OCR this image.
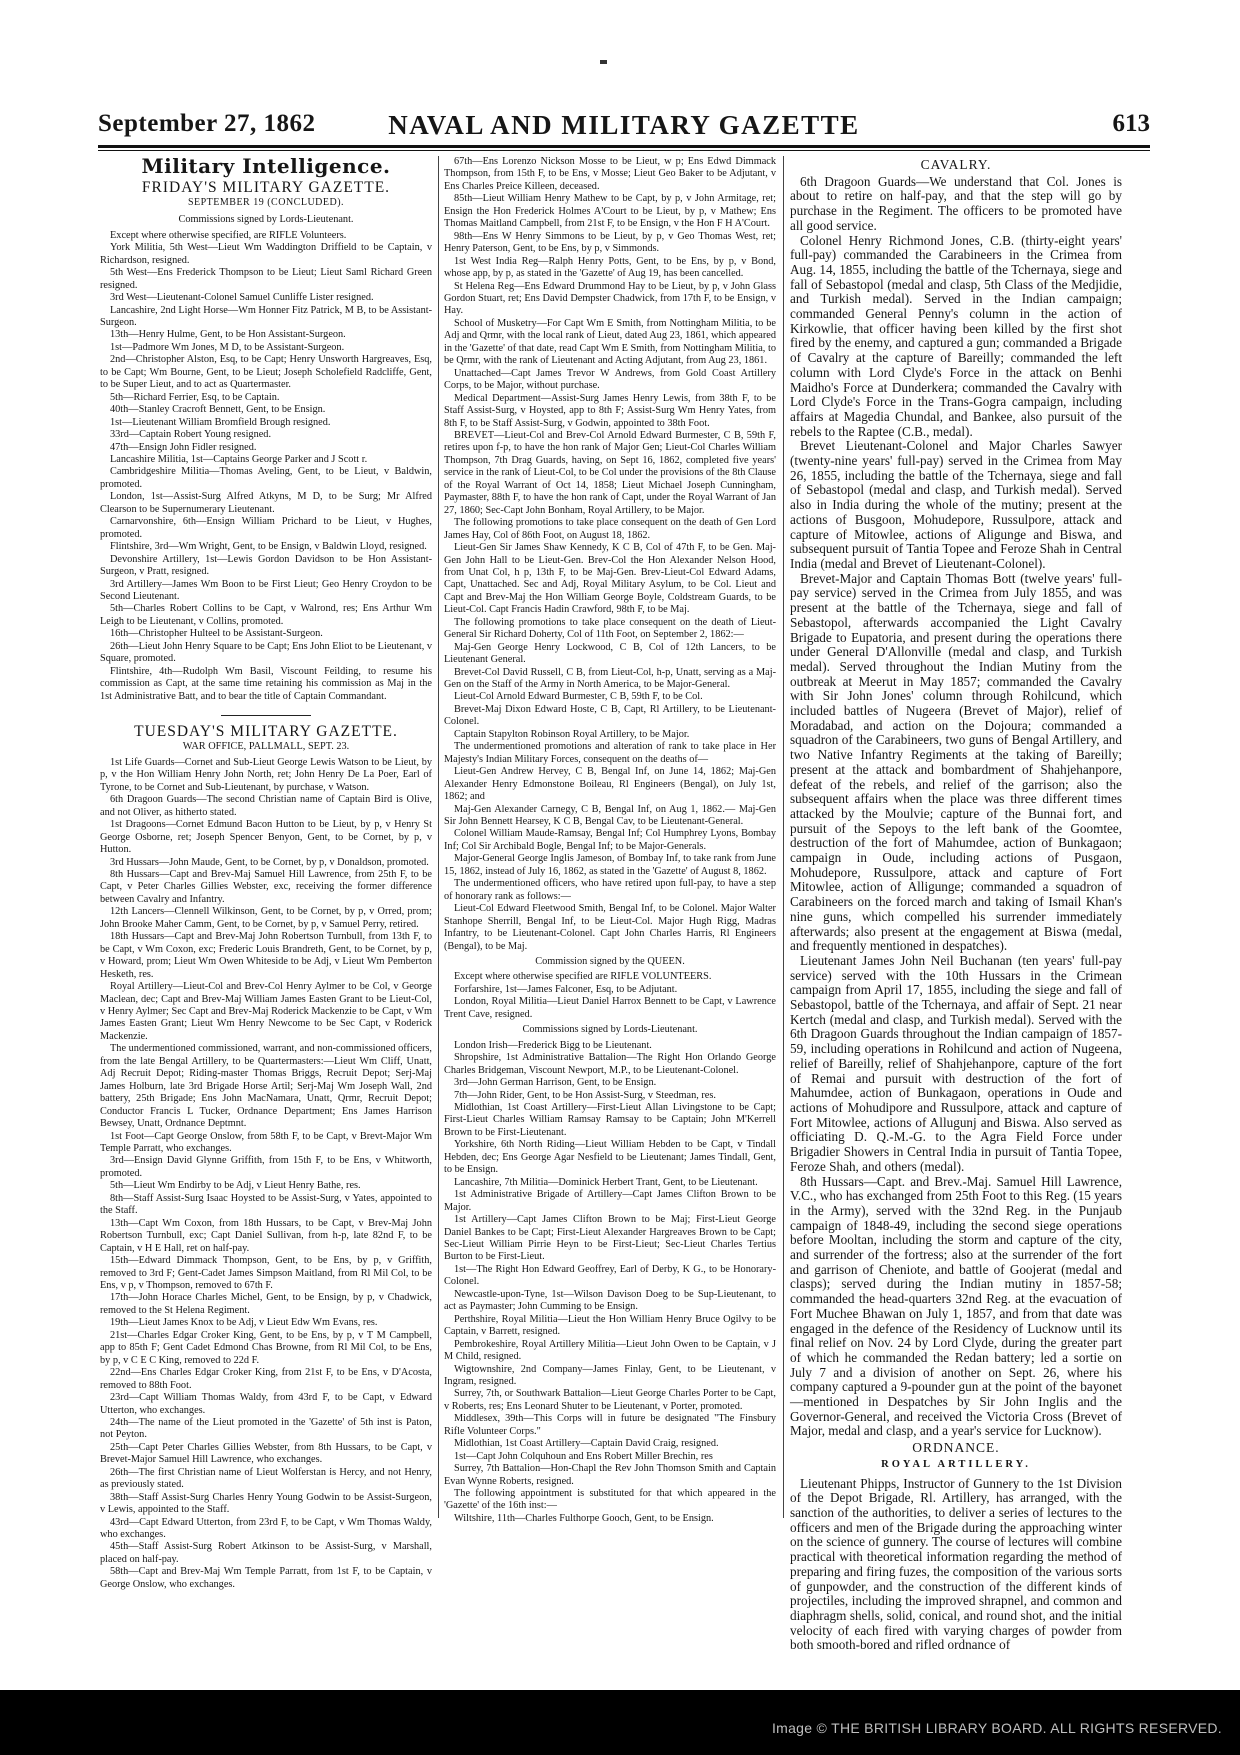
September 27, 1862	NAVAL AND MILITARY GAZETTE	613
Military Intelligence.
FRIDAY'S MILITARY GAZETTE.
SEPTEMBER 19 (CONCLUDED).
Commissions signed by Lords-Lieutenant.

Except where otherwise specified, are RIFLE Volunteers.

York Militia, 5th West—Lieut Wm Waddington Driffield to be Captain, v Richardson, resigned.

5th West—Ens Frederick Thompson to be Lieut; Lieut Saml Richard Green resigned.

3rd West—Lieutenant-Colonel Samuel Cunliffe Lister resigned.

Lancashire, 2nd Light Horse—Wm Honner Fitz Patrick, M B, to be Assistant-Surgeon.

13th—Henry Hulme, Gent, to be Hon Assistant-Surgeon.

1st—Padmore Wm Jones, M D, to be Assistant-Surgeon.

2nd—Christopher Alston, Esq, to be Capt; Henry Unsworth Hargreaves, Esq, to be Capt; Wm Bourne, Gent, to be Lieut; Joseph Scholefield Radcliffe, Gent, to be Super Lieut, and to act as Quartermaster.

5th—Richard Ferrier, Esq, to be Captain.

40th—Stanley Cracroft Bennett, Gent, to be Ensign.

1st—Lieutenant William Bromfield Brough resigned.

33rd—Captain Robert Young resigned.

47th—Ensign John Fidler resigned.

Lancashire Militia, 1st—Captains George Parker and J Scott r.

Cambridgeshire Militia—Thomas Aveling, Gent, to be Lieut, v Baldwin, promoted.

London, 1st—Assist-Surg Alfred Atkyns, M D, to be Surg; Mr Alfred Clearson to be Supernumerary Lieutenant.

Carnarvonshire, 6th—Ensign William Prichard to be Lieut, v Hughes, promoted.

Flintshire, 3rd—Wm Wright, Gent, to be Ensign, v Baldwin Lloyd, resigned.

Devonshire Artillery, 1st—Lewis Gordon Davidson to be Hon Assistant-Surgeon, v Pratt, resigned.

3rd Artillery—James Wm Boon to be First Lieut; Geo Henry Croydon to be Second Lieutenant.

5th—Charles Robert Collins to be Capt, v Walrond, res; Ens Arthur Wm Leigh to be Lieutenant, v Collins, promoted.

16th—Christopher Hulteel to be Assistant-Surgeon.

26th—Lieut John Henry Square to be Capt; Ens John Eliot to be Lieutenant, v Square, promoted.

Flintshire, 4th—Rudolph Wm Basil, Viscount Feilding, to resume his commission as Capt, at the same time retaining his commission as Maj in the 1st Administrative Batt, and to bear the title of Captain Commandant.

TUESDAY'S MILITARY GAZETTE.
WAR OFFICE, PALLMALL, SEPT. 23.

1st Life Guards—Cornet and Sub-Lieut George Lewis Watson to be Lieut, by p, v the Hon William Henry John North, ret; John Henry De La Poer, Earl of Tyrone, to be Cornet and Sub-Lieutenant, by purchase, v Watson.

6th Dragoon Guards—The second Christian name of Captain Bird is Olive, and not Oliver, as hitherto stated.

1st Dragoons—Cornet Edmund Bacon Hutton to be Lieut, by p, v Henry St George Osborne, ret; Joseph Spencer Benyon, Gent, to be Cornet, by p, v Hutton.

3rd Hussars—John Maude, Gent, to be Cornet, by p, v Donaldson, promoted.

8th Hussars—Capt and Brev-Maj Samuel Hill Lawrence, from 25th F, to be Capt, v Peter Charles Gillies Webster, exc, receiving the former difference between Cavalry and Infantry.

12th Lancers—Clennell Wilkinson, Gent, to be Cornet, by p, v Orred, prom; John Brooke Maher Camm, Gent, to be Cornet, by p, v Samuel Perry, retired.

18th Hussars—Capt and Brev-Maj John Robertson Turnbull, from 13th F, to be Capt, v Wm Coxon, exc; Frederic Louis Brandreth, Gent, to be Cornet, by p, v Howard, prom; Lieut Wm Owen Whiteside to be Adj, v Lieut Wm Pemberton Hesketh, res.

Royal Artillery—Lieut-Col and Brev-Col Henry Aylmer to be Col, v George Maclean, dec; Capt and Brev-Maj William James Easten Grant to be Lieut-Col, v Henry Aylmer; Sec Capt and Brev-Maj Roderick Mackenzie to be Capt, v Wm James Easten Grant; Lieut Wm Henry Newcome to be Sec Capt, v Roderick Mackenzie.

The undermentioned commissioned, warrant, and non-commissioned officers, from the late Bengal Artillery, to be Quartermasters:—Lieut Wm Cliff, Unatt, Adj Recruit Depot; Riding-master Thomas Briggs, Recruit Depot; Serj-Maj James Holburn, late 3rd Brigade Horse Artil; Serj-Maj Wm Joseph Wall, 2nd battery, 25th Brigade; Ens John MacNamara, Unatt, Qrmr, Recruit Depot; Conductor Francis L Tucker, Ordnance Department; Ens James Harrison Bewsey, Unatt, Ordnance Deptmnt.

1st Foot—Capt George Onslow, from 58th F, to be Capt, v Brevt-Major Wm Temple Parratt, who exchanges.

3rd—Ensign David Glynne Griffith, from 15th F, to be Ens, v Whitworth, promoted.

5th—Lieut Wm Endirby to be Adj, v Lieut Henry Bathe, res.

8th—Staff Assist-Surg Isaac Hoysted to be Assist-Surg, v Yates, appointed to the Staff.

13th—Capt Wm Coxon, from 18th Hussars, to be Capt, v Brev-Maj John Robertson Turnbull, exc; Capt Daniel Sullivan, from h-p, late 82nd F, to be Captain, v H E Hall, ret on half-pay.

15th—Edward Dimmack Thompson, Gent, to be Ens, by p, v Griffith, removed to 3rd F; Gent-Cadet James Simpson Maitland, from Rl Mil Col, to be Ens, v p, v Thompson, removed to 67th F.

17th—John Horace Charles Michel, Gent, to be Ensign, by p, v Chadwick, removed to the St Helena Regiment.

19th—Lieut James Knox to be Adj, v Lieut Edw Wm Evans, res.

21st—Charles Edgar Croker King, Gent, to be Ens, by p, v T M Campbell, app to 85th F; Gent Cadet Edmond Chas Browne, from Rl Mil Col, to be Ens, by p, v C E C King, removed to 22d F.

22nd—Ens Charles Edgar Croker King, from 21st F, to be Ens, v D'Acosta, removed to 88th Foot.

23rd—Capt William Thomas Waldy, from 43rd F, to be Capt, v Edward Utterton, who exchanges.

24th—The name of the Lieut promoted in the 'Gazette' of 5th inst is Paton, not Peyton.

25th—Capt Peter Charles Gillies Webster, from 8th Hussars, to be Capt, v Brevet-Major Samuel Hill Lawrence, who exchanges.

26th—The first Christian name of Lieut Wolferstan is Hercy, and not Henry, as previously stated.

38th—Staff Assist-Surg Charles Henry Young Godwin to be Assist-Surgeon, v Lewis, appointed to the Staff.

43rd—Capt Edward Utterton, from 23rd F, to be Capt, v Wm Thomas Waldy, who exchanges.

45th—Staff Assist-Surg Robert Atkinson to be Assist-Surg, v Marshall, placed on half-pay.

58th—Capt and Brev-Maj Wm Temple Parratt, from 1st F, to be Captain, v George Onslow, who exchanges.

67th—Ens Lorenzo Nickson Mosse to be Lieut, w p; Ens Edwd Dimmack Thompson, from 15th F, to be Ens, v Mosse; Lieut Geo Baker to be Adjutant, v Ens Charles Preice Killeen, deceased.

85th—Lieut William Henry Mathew to be Capt, by p, v John Armitage, ret; Ensign the Hon Frederick Holmes A'Court to be Lieut, by p, v Mathew; Ens Thomas Maitland Campbell, from 21st F, to be Ensign, v the Hon F H A'Court.

98th—Ens W Henry Simmons to be Lieut, by p, v Geo Thomas West, ret; Henry Paterson, Gent, to be Ens, by p, v Simmonds.

1st West India Reg—Ralph Henry Potts, Gent, to be Ens, by p, v Bond, whose app, by p, as stated in the 'Gazette' of Aug 19, has been cancelled.

St Helena Reg—Ens Edward Drummond Hay to be Lieut, by p, v John Glass Gordon Stuart, ret; Ens David Dempster Chadwick, from 17th F, to be Ensign, v Hay.

School of Musketry—For Capt Wm E Smith, from Nottingham Militia, to be Adj and Qrmr, with the local rank of Lieut, dated Aug 23, 1861, which appeared in the 'Gazette' of that date, read Capt Wm E Smith, from Nottingham Militia, to be Qrmr, with the rank of Lieutenant and Acting Adjutant, from Aug 23, 1861.

Unattached—Capt James Trevor W Andrews, from Gold Coast Artillery Corps, to be Major, without purchase.

Medical Department—Assist-Surg James Henry Lewis, from 38th F, to be Staff Assist-Surg, v Hoysted, app to 8th F; Assist-Surg Wm Henry Yates, from 8th F, to be Staff Assist-Surg, v Godwin, appointed to 38th Foot.

BREVET—Lieut-Col and Brev-Col Arnold Edward Burmester, C B, 59th F, retires upon f-p, to have the hon rank of Major Gen; Lieut-Col Charles William Thompson, 7th Drag Guards, having, on Sept 16, 1862, completed five years' service in the rank of Lieut-Col, to be Col under the provisions of the 8th Clause of the Royal Warrant of Oct 14, 1858; Lieut Michael Joseph Cunningham, Paymaster, 88th F, to have the hon rank of Capt, under the Royal Warrant of Jan 27, 1860; Sec-Capt John Bonham, Royal Artillery, to be Major.

The following promotions to take place consequent on the death of Gen Lord James Hay, Col of 86th Foot, on August 18, 1862.

Lieut-Gen Sir James Shaw Kennedy, K C B, Col of 47th F, to be Gen. Maj-Gen John Hall to be Lieut-Gen. Brev-Col the Hon Alexander Nelson Hood, from Unat Col, h p, 13th F, to be Maj-Gen. Brev-Lieut-Col Edward Adams, Capt, Unattached. Sec and Adj, Royal Military Asylum, to be Col. Lieut and Capt and Brev-Maj the Hon William George Boyle, Coldstream Guards, to be Lieut-Col. Capt Francis Hadin Crawford, 98th F, to be Maj.

The following promotions to take place consequent on the death of Lieut-General Sir Richard Doherty, Col of 11th Foot, on September 2, 1862:—

Maj-Gen George Henry Lockwood, C B, Col of 12th Lancers, to be Lieutenant General.

Brevet-Col David Russell, C B, from Lieut-Col, h-p, Unatt, serving as a Maj-Gen on the Staff of the Army in North America, to be Major-General.

Lieut-Col Arnold Edward Burmester, C B, 59th F, to be Col.

Brevet-Maj Dixon Edward Hoste, C B, Capt, Rl Artillery, to be Lieutenant-Colonel.

Captain Stapylton Robinson Royal Artillery, to be Major.

The undermentioned promotions and alteration of rank to take place in Her Majesty's Indian Military Forces, consequent on the deaths of—

Lieut-Gen Andrew Hervey, C B, Bengal Inf, on June 14, 1862; Maj-Gen Alexander Henry Edmonstone Boileau, Rl Engineers (Bengal), on July 1st, 1862; and

Maj-Gen Alexander Carnegy, C B, Bengal Inf, on Aug 1, 1862.— Maj-Gen Sir John Bennett Hearsey, K C B, Bengal Cav, to be Lieutenant-General.

Colonel William Maude-Ramsay, Bengal Inf; Col Humphrey Lyons, Bombay Inf; Col Sir Archibald Bogle, Bengal Inf; to be Major-Generals.

Major-General George Inglis Jameson, of Bombay Inf, to take rank from June 15, 1862, instead of July 16, 1862, as stated in the 'Gazette' of August 8, 1862.

The undermentioned officers, who have retired upon full-pay, to have a step of honorary rank as follows:—

Lieut-Col Edward Fleetwood Smith, Bengal Inf, to be Colonel. Major Walter Stanhope Sherrill, Bengal Inf, to be Lieut-Col. Major Hugh Rigg, Madras Infantry, to be Lieutenant-Colonel. Capt John Charles Harris, Rl Engineers (Bengal), to be Maj.

Commission signed by the QUEEN.

Except where otherwise specified are RIFLE VOLUNTEERS.

Forfarshire, 1st—James Falconer, Esq, to be Adjutant.

London, Royal Militia—Lieut Daniel Harrox Bennett to be Capt, v Lawrence Trent Cave, resigned.

Commissions signed by Lords-Lieutenant.

London Irish—Frederick Bigg to be Lieutenant.

Shropshire, 1st Administrative Battalion—The Right Hon Orlando George Charles Bridgeman, Viscount Newport, M.P., to be Lieutenant-Colonel.

3rd—John German Harrison, Gent, to be Ensign.

7th—John Rider, Gent, to be Hon Assist-Surg, v Steedman, res.

Midlothian, 1st Coast Artillery—First-Lieut Allan Livingstone to be Capt; First-Lieut Charles William Ramsay Ramsay to be Captain; John M'Kerrell Brown to be First-Lieutenant.

Yorkshire, 6th North Riding—Lieut William Hebden to be Capt, v Tindall Hebden, dec; Ens George Agar Nesfield to be Lieutenant; James Tindall, Gent, to be Ensign.

Lancashire, 7th Militia—Dominick Herbert Trant, Gent, to be Lieutenant.

1st Administrative Brigade of Artillery—Capt James Clifton Brown to be Major.

1st Artillery—Capt James Clifton Brown to be Maj; First-Lieut George Daniel Bankes to be Capt; First-Lieut Alexander Hargreaves Brown to be Capt; Sec-Lieut William Pirrie Heyn to be First-Lieut; Sec-Lieut Charles Tertius Burton to be First-Lieut.

1st—The Right Hon Edward Geoffrey, Earl of Derby, K G., to be Honorary-Colonel.

Newcastle-upon-Tyne, 1st—Wilson Davison Doeg to be Sup-Lieutenant, to act as Paymaster; John Cumming to be Ensign.

Perthshire, Royal Militia—Lieut the Hon William Henry Bruce Ogilvy to be Captain, v Barrett, resigned.

Pembrokeshire, Royal Artillery Militia—Lieut John Owen to be Captain, v J M Child, resigned.

Wigtownshire, 2nd Company—James Finlay, Gent, to be Lieutenant, v Ingram, resigned.

Surrey, 7th, or Southwark Battalion—Lieut George Charles Porter to be Capt, v Roberts, res; Ens Leonard Shuter to be Lieutenant, v Porter, promoted.

Middlesex, 39th—This Corps will in future be designated "The Finsbury Rifle Volunteer Corps."

Midlothian, 1st Coast Artillery—Captain David Craig, resigned.

1st—Capt John Colquhoun and Ens Robert Miller Brechin, res

Surrey, 7th Battalion—Hon-Chapl the Rev John Thomson Smith and Captain Evan Wynne Roberts, resigned.

The following appointment is substituted for that which appeared in the 'Gazette' of the 16th inst:—

Wiltshire, 11th—Charles Fulthorpe Gooch, Gent, to be Ensign.

CAVALRY.

6th Dragoon Guards—We understand that Col. Jones is about to retire on half-pay, and that the step will go by purchase in the Regiment. The officers to be promoted have all good service.

Colonel Henry Richmond Jones, C.B. (thirty-eight years' full-pay) commanded the Carabineers in the Crimea from Aug. 14, 1855, including the battle of the Tchernaya, siege and fall of Sebastopol (medal and clasp, 5th Class of the Medjidie, and Turkish medal). Served in the Indian campaign; commanded General Penny's column in the action of Kirkowlie, that officer having been killed by the first shot fired by the enemy, and captured a gun; commanded a Brigade of Cavalry at the capture of Bareilly; commanded the left column with Lord Clyde's Force in the attack on Benhi Maidho's Force at Dunderkera; commanded the Cavalry with Lord Clyde's Force in the Trans-Gogra campaign, including affairs at Magedia Chundal, and Bankee, also pursuit of the rebels to the Raptee (C.B., medal).

Brevet Lieutenant-Colonel and Major Charles Sawyer (twenty-nine years' full-pay) served in the Crimea from May 26, 1855, including the battle of the Tchernaya, siege and fall of Sebastopol (medal and clasp, and Turkish medal). Served also in India during the whole of the mutiny; present at the actions of Busgoon, Mohudepore, Russulpore, attack and capture of Mitowlee, actions of Aligunge and Biswa, and subsequent pursuit of Tantia Topee and Feroze Shah in Central India (medal and Brevet of Lieutenant-Colonel).

Brevet-Major and Captain Thomas Bott (twelve years' full-pay service) served in the Crimea from July 1855, and was present at the battle of the Tchernaya, siege and fall of Sebastopol, afterwards accompanied the Light Cavalry Brigade to Eupatoria, and present during the operations there under General D'Allonville (medal and clasp, and Turkish medal). Served throughout the Indian Mutiny from the outbreak at Meerut in May 1857; commanded the Cavalry with Sir John Jones' column through Rohilcund, which included battles of Nugeera (Brevet of Major), relief of Moradabad, and action on the Dojoura; commanded a squadron of the Carabineers, two guns of Bengal Artillery, and two Native Infantry Regiments at the taking of Bareilly; present at the attack and bombardment of Shahjehanpore, defeat of the rebels, and relief of the garrison; also the subsequent affairs when the place was three different times attacked by the Moulvie; capture of the Bunnai fort, and pursuit of the Sepoys to the left bank of the Goomtee, destruction of the fort of Mahumdee, action of Bunkagaon; campaign in Oude, including actions of Pusgaon, Mohudepore, Russulpore, attack and capture of Fort Mitowlee, action of Alligunge; commanded a squadron of Carabineers on the forced march and taking of Ismail Khan's nine guns, which compelled his surrender immediately afterwards; also present at the engagement at Biswa (medal, and frequently mentioned in despatches).

Lieutenant James John Neil Buchanan (ten years' full-pay service) served with the 10th Hussars in the Crimean campaign from April 17, 1855, including the siege and fall of Sebastopol, battle of the Tchernaya, and affair of Sept. 21 near Kertch (medal and clasp, and Turkish medal). Served with the 6th Dragoon Guards throughout the Indian campaign of 1857-59, including operations in Rohilcund and action of Nugeena, relief of Bareilly, relief of Shahjehanpore, capture of the fort of Remai and pursuit with destruction of the fort of Mahumdee, action of Bunkagaon, operations in Oude and actions of Mohudipore and Russulpore, attack and capture of Fort Mitowlee, actions of Allugunj and Biswa. Also served as officiating D. Q.-M.-G. to the Agra Field Force under Brigadier Showers in Central India in pursuit of Tantia Topee, Feroze Shah, and others (medal).

8th Hussars—Capt. and Brev.-Maj. Samuel Hill Lawrence, V.C., who has exchanged from 25th Foot to this Reg. (15 years in the Army), served with the 32nd Reg. in the Punjaub campaign of 1848-49, including the second siege operations before Mooltan, including the storm and capture of the city, and surrender of the fortress; also at the surrender of the fort and garrison of Cheniote, and battle of Goojerat (medal and clasps); served during the Indian mutiny in 1857-58; commanded the head-quarters 32nd Reg. at the evacuation of Fort Muchee Bhawan on July 1, 1857, and from that date was engaged in the defence of the Residency of Lucknow until its final relief on Nov. 24 by Lord Clyde, during the greater part of which he commanded the Redan battery; led a sortie on July 7 and a division of another on Sept. 26, where his company captured a 9-pounder gun at the point of the bayonet—mentioned in Despatches by Sir John Inglis and the Governor-General, and received the Victoria Cross (Brevet of Major, medal and clasp, and a year's service for Lucknow).

ORDNANCE.
ROYAL ARTILLERY.

Lieutenant Phipps, Instructor of Gunnery to the 1st Division of the Depot Brigade, Rl. Artillery, has arranged, with the sanction of the authorities, to deliver a series of lectures to the officers and men of the Brigade during the approaching winter on the science of gunnery. The course of lectures will combine practical with theoretical information regarding the method of preparing and firing fuzes, the composition of the various sorts of gunpowder, and the construction of the different kinds of projectiles, including the improved shrapnel, and common and diaphragm shells, solid, conical, and round shot, and the initial velocity of each fired with varying charges of powder from both smooth-bored and rifled ordnance of

Image © THE BRITISH LIBRARY BOARD. ALL RIGHTS RESERVED.
